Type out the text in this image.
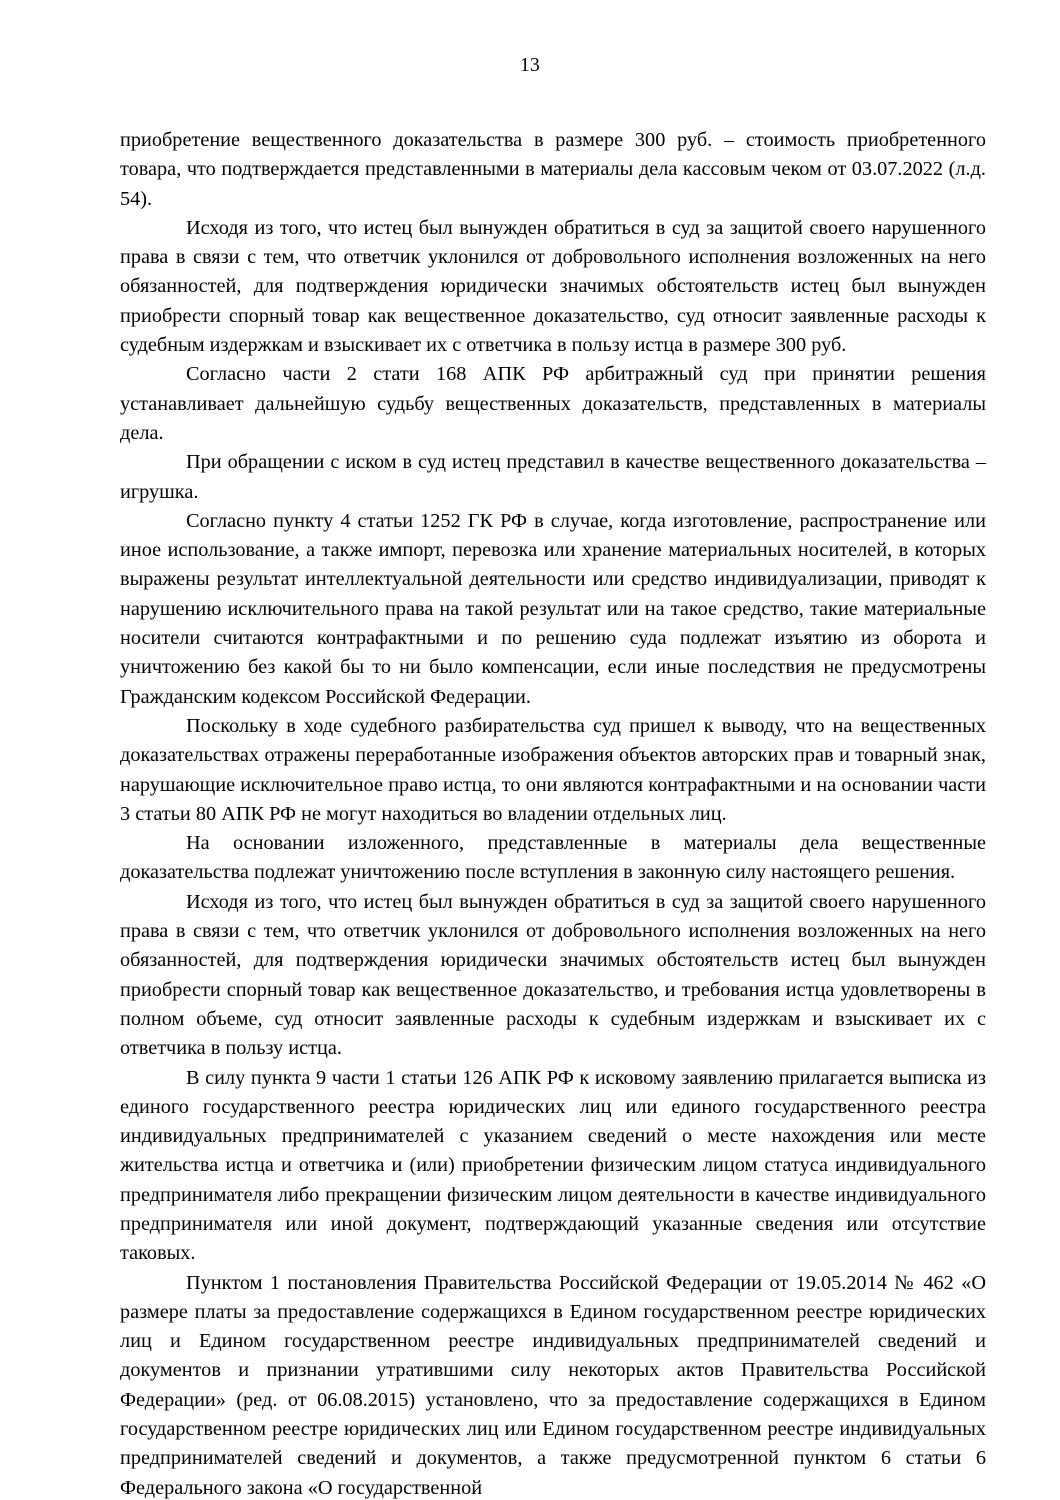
13

приобретение вещественного доказательства в размере 300 руб. – стоимость приобретенного товара, что подтверждается представленными в материалы дела кассовым чеком от 03.07.2022 (л.д. 54).

Исходя из того, что истец был вынужден обратиться в суд за защитой своего нарушенного права в связи с тем, что ответчик уклонился от добровольного исполнения возложенных на него обязанностей, для подтверждения юридически значимых обстоятельств истец был вынужден приобрести спорный товар как вещественное доказательство, суд относит заявленные расходы к судебным издержкам и взыскивает их с ответчика в пользу истца в размере 300 руб.

Согласно части 2 стати 168 АПК РФ арбитражный суд при принятии решения устанавливает дальнейшую судьбу вещественных доказательств, представленных в материалы дела.

При обращении с иском в суд истец представил в качестве вещественного доказательства – игрушка.

Согласно пункту 4 статьи 1252 ГК РФ в случае, когда изготовление, распространение или иное использование, а также импорт, перевозка или хранение материальных носителей, в которых выражены результат интеллектуальной деятельности или средство индивидуализации, приводят к нарушению исключительного права на такой результат или на такое средство, такие материальные носители считаются контрафактными и по решению суда подлежат изъятию из оборота и уничтожению без какой бы то ни было компенсации, если иные последствия не предусмотрены Гражданским кодексом Российской Федерации.

Поскольку в ходе судебного разбирательства суд пришел к выводу, что на вещественных доказательствах отражены переработанные изображения объектов авторских прав и товарный знак, нарушающие исключительное право истца, то они являются контрафактными и на основании части 3 статьи 80 АПК РФ не могут находиться во владении отдельных лиц.

На основании изложенного, представленные в материалы дела вещественные доказательства подлежат уничтожению после вступления в законную силу настоящего решения.

Исходя из того, что истец был вынужден обратиться в суд за защитой своего нарушенного права в связи с тем, что ответчик уклонился от добровольного исполнения возложенных на него обязанностей, для подтверждения юридически значимых обстоятельств истец был вынужден приобрести спорный товар как вещественное доказательство, и требования истца удовлетворены в полном объеме, суд относит заявленные расходы к судебным издержкам и взыскивает их с ответчика в пользу истца.

В силу пункта 9 части 1 статьи 126 АПК РФ к исковому заявлению прилагается выписка из единого государственного реестра юридических лиц или единого государственного реестра индивидуальных предпринимателей с указанием сведений о месте нахождения или месте жительства истца и ответчика и (или) приобретении физическим лицом статуса индивидуального предпринимателя либо прекращении физическим лицом деятельности в качестве индивидуального предпринимателя или иной документ, подтверждающий указанные сведения или отсутствие таковых.

Пунктом 1 постановления Правительства Российской Федерации от 19.05.2014 № 462 «О размере платы за предоставление содержащихся в Едином государственном реестре юридических лиц и Едином государственном реестре индивидуальных предпринимателей сведений и документов и признании утратившими силу некоторых актов Правительства Российской Федерации» (ред. от 06.08.2015) установлено, что за предоставление содержащихся в Едином государственном реестре юридических лиц или Едином государственном реестре индивидуальных предпринимателей сведений и документов, а также предусмотренной пунктом 6 статьи 6 Федерального закона «О государственной
